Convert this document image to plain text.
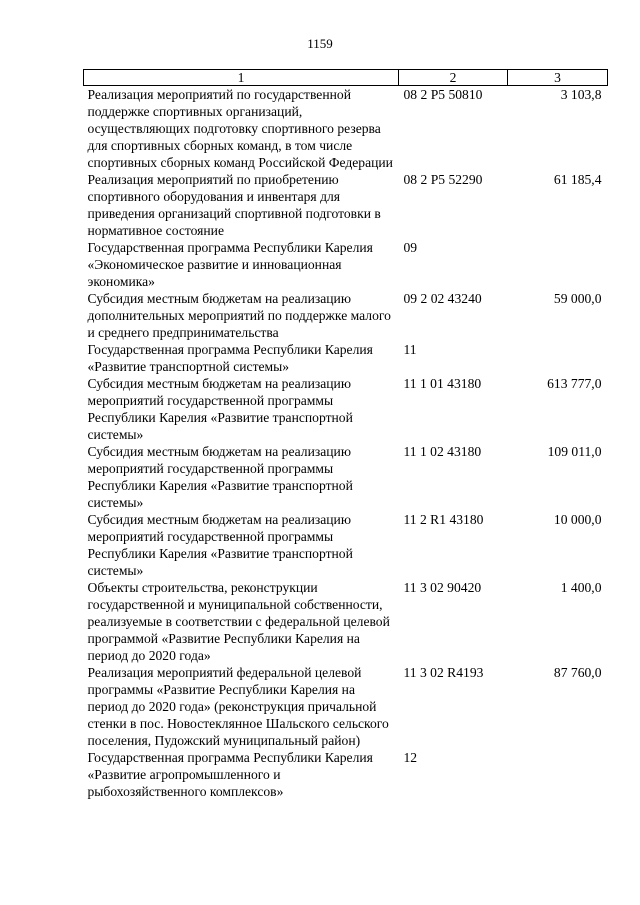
1159
1	2	3
Реализация мероприятий по государственной поддержке спортивных организаций, осуществляющих подготовку спортивного резерва для спортивных сборных команд, в том числе спортивных сборных команд Российской Федерации	08 2 P5 50810	3 103,8
Реализация мероприятий по приобретению спортивного оборудования и инвентаря для приведения организаций спортивной подготовки в нормативное состояние	08 2 P5 52290	61 185,4
Государственная программа Республики Карелия «Экономическое развитие и инновационная экономика»	09	
Субсидия местным бюджетам на реализацию дополнительных мероприятий по поддержке малого и среднего предпринимательства	09 2 02 43240	59 000,0
Государственная программа Республики Карелия «Развитие транспортной системы»	11	
Субсидия местным бюджетам на реализацию мероприятий государственной программы Республики Карелия «Развитие транспортной системы»	11 1 01 43180	613 777,0
Субсидия местным бюджетам на реализацию мероприятий государственной программы Республики Карелия «Развитие транспортной системы»	11 1 02 43180	109 011,0
Субсидия местным бюджетам на реализацию мероприятий государственной программы Республики Карелия «Развитие транспортной системы»	11 2 R1 43180	10 000,0
Объекты строительства, реконструкции государственной и муниципальной собственности, реализуемые в соответствии с федеральной целевой программой «Развитие Республики Карелия на период до 2020 года»	11 3 02 90420	1 400,0
Реализация мероприятий федеральной целевой программы «Развитие Республики Карелия на период до 2020 года» (реконструкция причальной стенки в пос. Новостеклянное Шальского сельского поселения, Пудожский муниципальный район)	11 3 02 R4193	87 760,0
Государственная программа Республики Карелия «Развитие агропромышленного и рыбохозяйственного комплексов»	12	
